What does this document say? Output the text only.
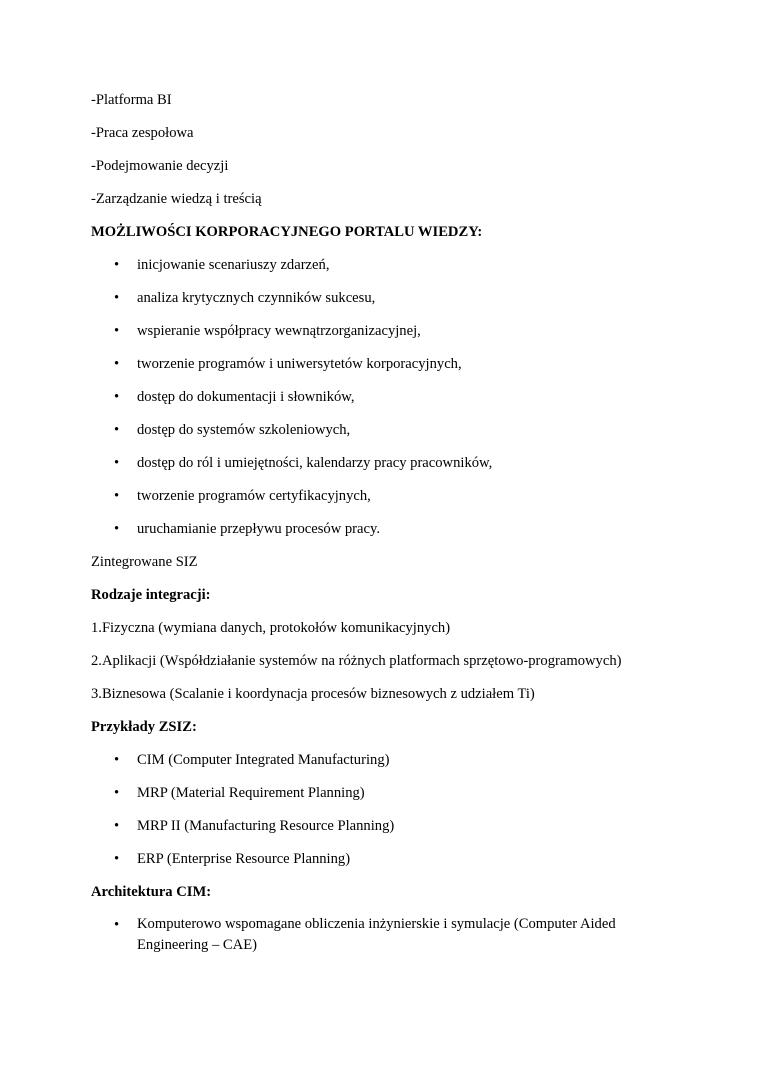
-Platforma BI
-Praca zespołowa
-Podejmowanie decyzji
-Zarządzanie wiedzą i treścią
MOŻLIWOŚCI KORPORACYJNEGO PORTALU WIEDZY:
• inicjowanie scenariuszy zdarzeń,
• analiza krytycznych czynników sukcesu,
• wspieranie współpracy wewnątrzorganizacyjnej,
• tworzenie programów i uniwersytetów korporacyjnych,
• dostęp do dokumentacji i słowników,
• dostęp do systemów szkoleniowych,
• dostęp do ról i umiejętności, kalendarzy pracy pracowników,
• tworzenie programów certyfikacyjnych,
• uruchamianie przepływu procesów pracy.
Zintegrowane SIZ
Rodzaje integracji:
1.Fizyczna (wymiana danych, protokołów komunikacyjnych)
2.Aplikacji (Współdziałanie systemów na różnych platformach sprzętowo-programowych)
3.Biznesowa (Scalanie i koordynacja procesów biznesowych z udziałem Ti)
Przykłady ZSIZ:
• CIM (Computer Integrated Manufacturing)
• MRP (Material Requirement Planning)
• MRP II (Manufacturing Resource Planning)
• ERP (Enterprise Resource Planning)
Architektura CIM:
• Komputerowo wspomagane obliczenia inżynierskie i symulacje (Computer Aided Engineering – CAE)
